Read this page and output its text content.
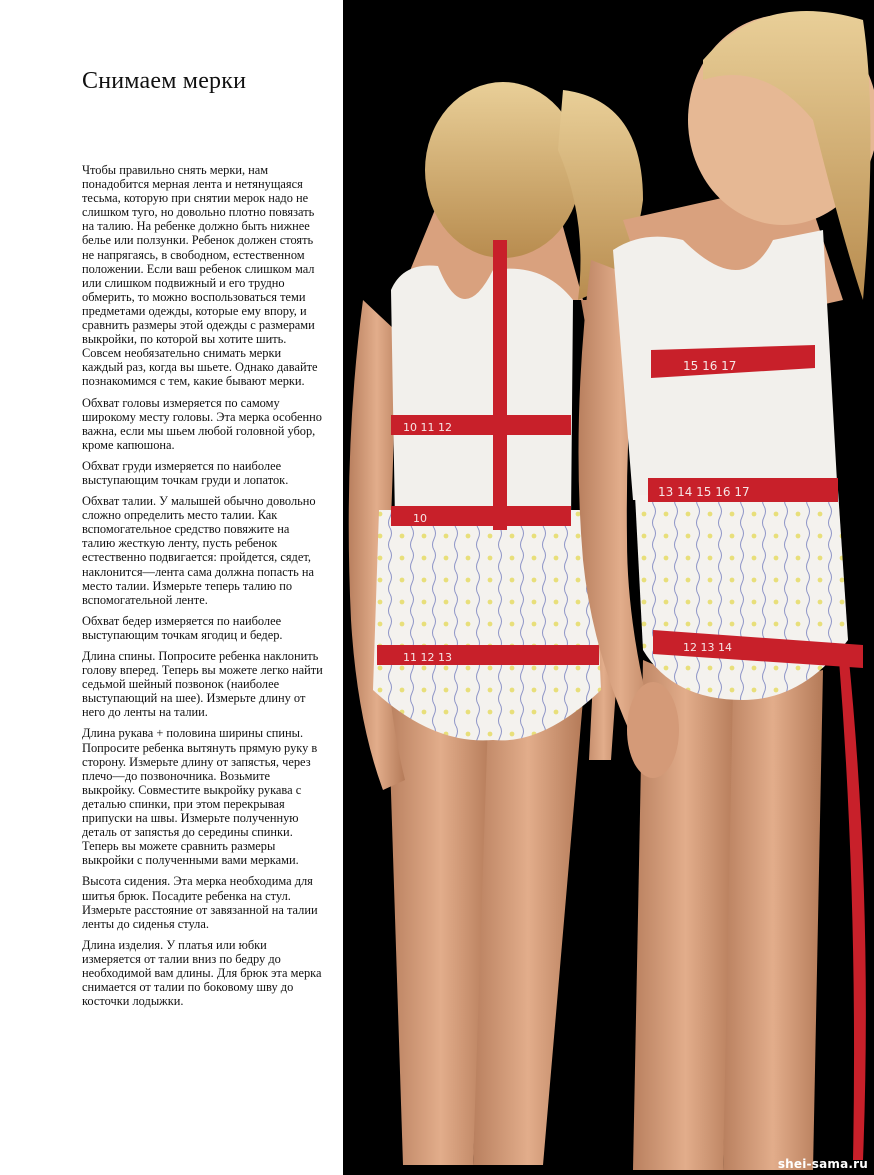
Снимаем мерки

Чтобы правильно снять мерки, нам понадобится мерная лента и нетянущаяся тесьма, которую при снятии мерок надо не слишком туго, но довольно плотно повязать на талию. На ребенке должно быть нижнее белье или ползунки. Ребенок должен стоять не напрягаясь, в свободном, естественном положении. Если ваш ребенок слишком мал или слишком подвижный и его трудно обмерить, то можно воспользоваться теми предметами одежды, которые ему впору, и сравнить размеры этой одежды с размерами выкройки, по которой вы хотите шить. Совсем необязательно снимать мерки каждый раз, когда вы шьете. Однако давайте познакомимся с тем, какие бывают мерки.

Обхват головы измеряется по самому широкому месту головы. Эта мерка особенно важна, если мы шьем любой головной убор, кроме капюшона.

Обхват груди измеряется по наиболее выступающим точкам груди и лопаток.

Обхват талии. У малышей обычно довольно сложно определить место талии. Как вспомогательное средство повяжите на талию жесткую ленту, пусть ребенок естественно подвигается: пройдется, сядет, наклонится—лента сама должна попасть на место талии. Измерьте теперь талию по вспомогательной ленте.

Обхват бедер измеряется по наиболее выступающим точкам ягодиц и бедер.

Длина спины. Попросите ребенка наклонить голову вперед. Теперь вы можете легко найти седьмой шейный позвонок (наиболее выступающий на шее). Измерьте длину от него до ленты на талии.

Длина рукава + половина ширины спины. Попросите ребенка вытянуть прямую руку в сторону. Измерьте длину от запястья, через плечо—до позвоночника. Возьмите выкройку. Совместите выкройку рукава с деталью спинки, при этом перекрывая припуски на швы. Измерьте полученную деталь от запястья до середины спинки. Теперь вы можете сравнить размеры выкройки с полученными вами мерками.

Высота сидения. Эта мерка необходима для шитья брюк. Посадите ребенка на стул. Измерьте расстояние от завязанной на талии ленты до сиденья стула.

Длина изделия. У платья или юбки измеряется от талии вниз по бедру до необходимой вам длины. Для брюк эта мерка снимается от талии по боковому шву до косточки лодыжки.

10 11 12
10
11 12 13
15 16 17
13 14 15 16 17
12 13 14
shei-sama.ru
